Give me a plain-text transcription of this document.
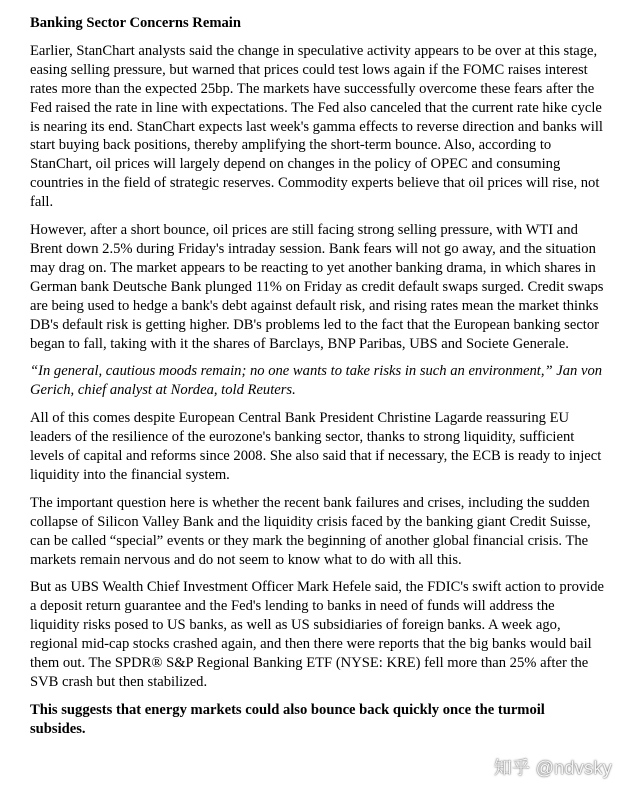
Banking Sector Concerns Remain

Earlier, StanChart analysts said the change in speculative activity appears to be over at this stage, easing selling pressure, but warned that prices could test lows again if the FOMC raises interest rates more than the expected 25bp. The markets have successfully overcome these fears after the Fed raised the rate in line with expectations. The Fed also canceled that the current rate hike cycle is nearing its end. StanChart expects last week's gamma effects to reverse direction and banks will start buying back positions, thereby amplifying the short-term bounce. Also, according to StanChart, oil prices will largely depend on changes in the policy of OPEC and consuming countries in the field of strategic reserves. Commodity experts believe that oil prices will rise, not fall.

However, after a short bounce, oil prices are still facing strong selling pressure, with WTI and Brent down 2.5% during Friday's intraday session. Bank fears will not go away, and the situation may drag on. The market appears to be reacting to yet another banking drama, in which shares in German bank Deutsche Bank plunged 11% on Friday as credit default swaps surged. Credit swaps are being used to hedge a bank's debt against default risk, and rising rates mean the market thinks DB's default risk is getting higher. DB's problems led to the fact that the European banking sector began to fall, taking with it the shares of Barclays, BNP Paribas, UBS and Societe Generale.

“In general, cautious moods remain; no one wants to take risks in such an environment,” Jan von Gerich, chief analyst at Nordea, told Reuters.

All of this comes despite European Central Bank President Christine Lagarde reassuring EU leaders of the resilience of the eurozone's banking sector, thanks to strong liquidity, sufficient levels of capital and reforms since 2008. She also said that if necessary, the ECB is ready to inject liquidity into the financial system.

The important question here is whether the recent bank failures and crises, including the sudden collapse of Silicon Valley Bank and the liquidity crisis faced by the banking giant Credit Suisse, can be called “special” events or they mark the beginning of another global financial crisis. The markets remain nervous and do not seem to know what to do with all this.

But as UBS Wealth Chief Investment Officer Mark Hefele said, the FDIC's swift action to provide a deposit return guarantee and the Fed's lending to banks in need of funds will address the liquidity risks posed to US banks, as well as US subsidiaries of foreign banks. A week ago, regional mid-cap stocks crashed again, and then there were reports that the big banks would bail them out. The SPDR® S&P Regional Banking ETF (NYSE: KRE) fell more than 25% after the SVB crash but then stabilized.

This suggests that energy markets could also bounce back quickly once the turmoil subsides.

知乎 @ndvsky
